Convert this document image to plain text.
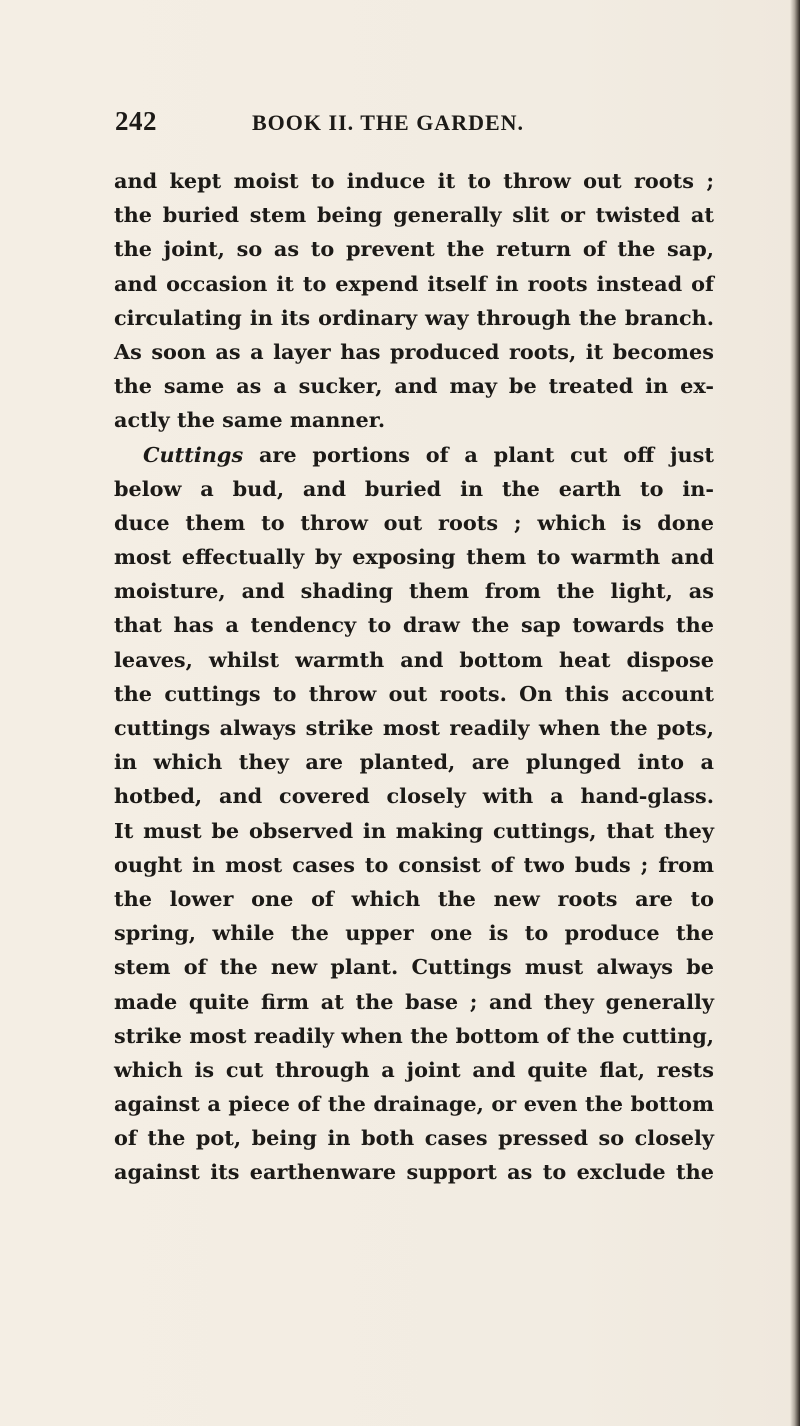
242	BOOK II. THE GARDEN.
and kept moist to induce it to throw out roots ;
the buried stem being generally slit or twisted at
the joint, so as to prevent the return of the sap,
and occasion it to expend itself in roots instead of
circulating in its ordinary way through the branch.
As soon as a layer has produced roots, it becomes
the same as a sucker, and may be treated in ex-
actly the same manner.
Cuttings are portions of a plant cut off just
below a bud, and buried in the earth to in-
duce them to throw out roots ; which is done
most effectually by exposing them to warmth and
moisture, and shading them from the light, as
that has a tendency to draw the sap towards the
leaves, whilst warmth and bottom heat dispose
the cuttings to throw out roots. On this account
cuttings always strike most readily when the pots,
in which they are planted, are plunged into a
hotbed, and covered closely with a hand-glass.
It must be observed in making cuttings, that they
ought in most cases to consist of two buds ; from
the lower one of which the new roots are to
spring, while the upper one is to produce the
stem of the new plant. Cuttings must always be
made quite firm at the base ; and they generally
strike most readily when the bottom of the cutting,
which is cut through a joint and quite flat, rests
against a piece of the drainage, or even the bottom
of the pot, being in both cases pressed so closely
against its earthenware support as to exclude the
